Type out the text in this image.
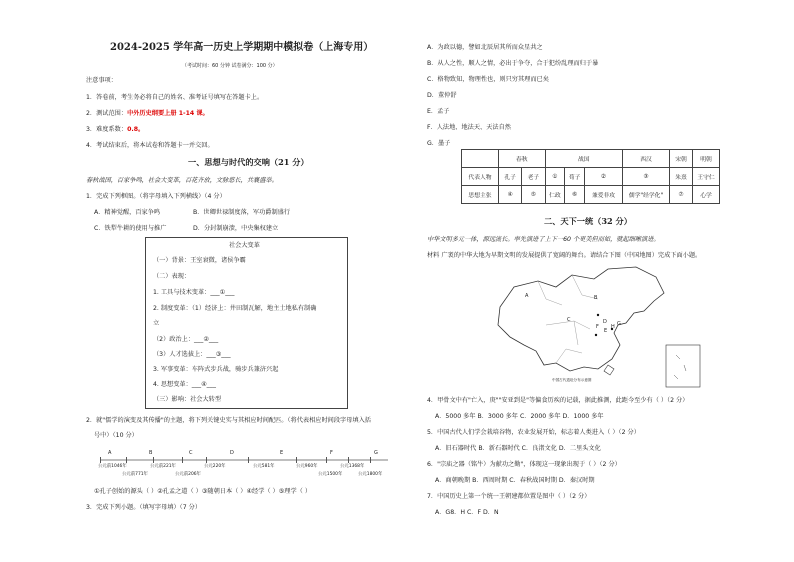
2024-2025 学年高一历史上学期期中模拟卷（上海专用）
（考试时间：60 分钟 试卷满分：100 分）
注意事项：
1．答卷前，考生务必将自己的姓名、准考证号填写在答题卡上。
2．测试范围：中外历史纲要上册 1-14 课。
3．难度系数：0.8。
4．考试结束后，将本试卷和答题卡一并交回。
一、思想与时代的交响（21 分）
春秋战国，百家争鸣，社会大变革，百花齐放，文脉悠长，共襄盛举。
1．完成下列框图。（将字母填入下列横线）（4 分）
A．精神觉醒，百家争鸣	B．世卿世禄制度落，军功爵制盛行
C．铁犁牛耕的使用与推广	D．分封制崩溃，中央集权建立
社会大变革
（一）背景：王室衰微，诸侯争霸
（二）表现：
1. 工具与技术变革：___①___
2. 制度变革：（1）经济上：井田制瓦解，地主土地私有制确
立
（2）政治上：___②___
（3）人才选拔上：___③___
3. 军事变革：车阵式步兵战，骑步兵兼济兴起
4. 思想变革：___④___
（三）影响：社会大转型
2．就"儒学的演变及其传播"的主题，将下列关键史实与其相应时间配匹。（将代表相应时间段字母填入括
号中）（10 分）
A	B	C	D	E	F	G
公元前1046年	公元前221年	公元220年	公元581年	公元960年	公元1368年
公元前771年	公元前206年	公元1500年	公元1800年
①孔子创始的源头（ ）②孔孟之道（ ）③随朝日本（ ）④经学（ ）⑤理学（ ）
3．完成下列小题。（填写字母填）（7 分）
A．为政以德，譬如北辰居其所而众星共之
B．从人之性，顺人之情，必出于争夺，合于犯纷乱理而归于暴
C．格物致知，物理性也，则只穷其理而已矣
D．董仲舒
E．孟子
F．人法地、地法天、天法自然
G．墨子
	春秋		战国			西汉	宋朝	明朝
代表人物	孔子	老子	①	荀子	②	③	朱熹	王守仁
思想主张	④	⑤	仁政	⑥	兼爱非攻	儒学"经学化"	⑦	心学
二、天下一统（32 分）
中华文明多元一体，源远流长。率先演进了上下一60 个更美但而如，就起细晰演进。
材料 广袤的中华大地为早期文明的发展提供了宽阔的舞台。请结合下图（中国地图）完成下面小题。
A	B
C	D
E
F	G
H
中国古代遗址分布示意图
4．甲骨文中有"亡入，庚""安亚到是"等偏食历疾的记载，据此推测，此距今至少有（ ）（2 分）
A．5000 多年 B．3000 多年 C．2000 多年 D．1000 多年
5．中国古代人们学会栽培谷物，农业发展开始，标志着人类进入（ ）（2 分）
A．旧石器时代 B．新石器时代 C．良渚文化 D．二里头文化
6．"宗庙之器（铭牛）为献功之勤"，体现这一现象出现于（ ）（2 分）
A．商朝晚期 B．西周时期 C．春秋战国时期 D．秦汉时期
7．中国历史上第一个统一王朝建都位置是图中（ ）（2 分）
A．G8．H C．F D．N
